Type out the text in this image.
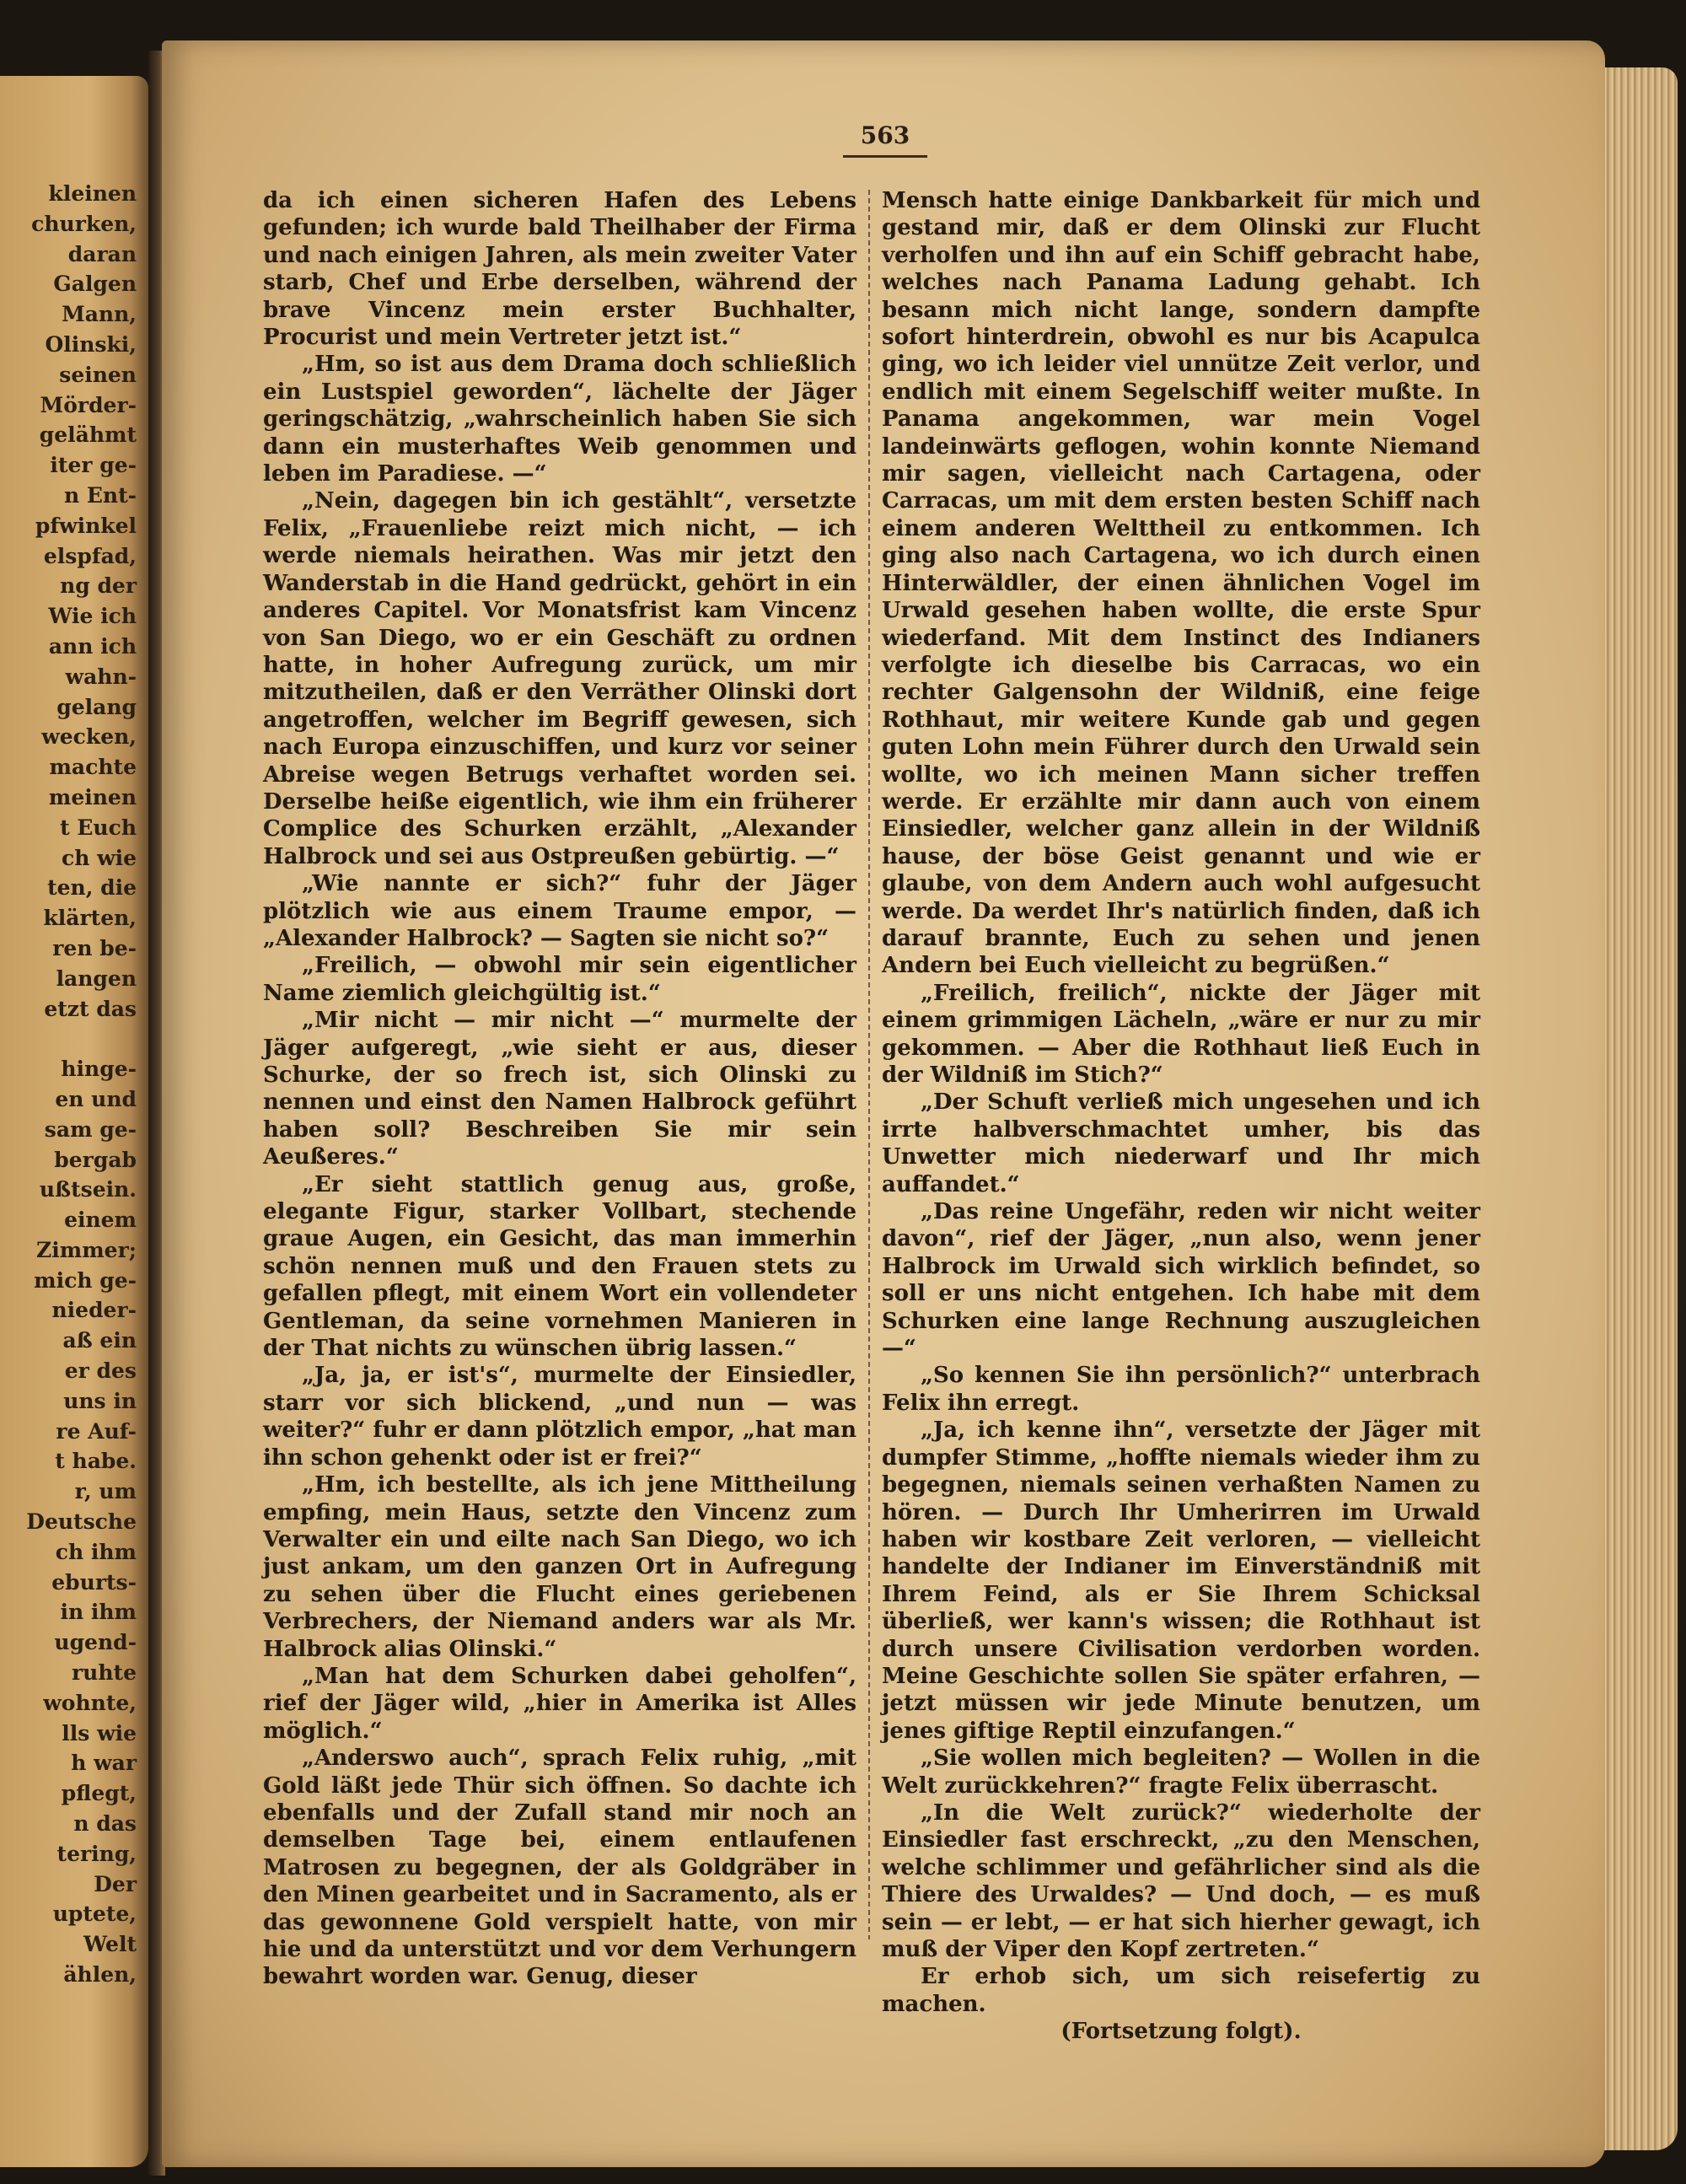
kleinen
churken,
daran
Galgen
Mann,
Olinski,
seinen
Mörder-
gelähmt
iter ge-
n Ent-
pfwinkel
elspfad,
ng der
Wie ich
ann ich
wahn-
gelang
wecken,
machte
meinen
t Euch
ch wie
ten, die
klärten,
ren be-
langen
etzt das

hinge-
en und
sam ge-
bergab
ußtsein.
einem
Zimmer;
mich ge-
nieder-
aß ein
er des
uns in
re Auf-
t habe.
r, um
Deutsche
ch ihm
eburts-
in ihm
ugend-
ruhte
wohnte,
lls wie
h war
pflegt,
n das
tering,
Der
uptete,
Welt
ählen,
563

da ich einen sicheren Hafen des Lebens gefunden; ich wurde bald Theilhaber der Firma und nach einigen Jahren, als mein zweiter Vater starb, Chef und Erbe derselben, während der brave Vincenz mein erster Buchhalter, Procurist und mein Vertreter jetzt ist.“

„Hm, so ist aus dem Drama doch schließlich ein Lustspiel geworden“, lächelte der Jäger geringschätzig, „wahrscheinlich haben Sie sich dann ein musterhaftes Weib genommen und leben im Paradiese. —“

„Nein, dagegen bin ich gestählt“, versetzte Felix, „Frauenliebe reizt mich nicht, — ich werde niemals heirathen. Was mir jetzt den Wanderstab in die Hand gedrückt, gehört in ein anderes Capitel. Vor Monatsfrist kam Vincenz von San Diego, wo er ein Geschäft zu ordnen hatte, in hoher Aufregung zurück, um mir mitzutheilen, daß er den Verräther Olinski dort angetroffen, welcher im Begriff gewesen, sich nach Europa einzuschiffen, und kurz vor seiner Abreise wegen Betrugs verhaftet worden sei. Derselbe heiße eigentlich, wie ihm ein früherer Complice des Schurken erzählt, „Alexander Halbrock und sei aus Ostpreußen gebürtig. —“

„Wie nannte er sich?“ fuhr der Jäger plötzlich wie aus einem Traume empor, — „Alexander Halbrock? — Sagten sie nicht so?“

„Freilich, — obwohl mir sein eigentlicher Name ziemlich gleichgültig ist.“

„Mir nicht — mir nicht —“ murmelte der Jäger aufgeregt, „wie sieht er aus, dieser Schurke, der so frech ist, sich Olinski zu nennen und einst den Namen Halbrock geführt haben soll? Beschreiben Sie mir sein Aeußeres.“

„Er sieht stattlich genug aus, große, elegante Figur, starker Vollbart, stechende graue Augen, ein Gesicht, das man immerhin schön nennen muß und den Frauen stets zu gefallen pflegt, mit einem Wort ein vollendeter Gentleman, da seine vornehmen Manieren in der That nichts zu wünschen übrig lassen.“

„Ja, ja, er ist's“, murmelte der Einsiedler, starr vor sich blickend, „und nun — was weiter?“ fuhr er dann plötzlich empor, „hat man ihn schon gehenkt oder ist er frei?“

„Hm, ich bestellte, als ich jene Mittheilung empfing, mein Haus, setzte den Vincenz zum Verwalter ein und eilte nach San Diego, wo ich just ankam, um den ganzen Ort in Aufregung zu sehen über die Flucht eines geriebenen Verbrechers, der Niemand anders war als Mr. Halbrock alias Olinski.“

„Man hat dem Schurken dabei geholfen“, rief der Jäger wild, „hier in Amerika ist Alles möglich.“

„Anderswo auch“, sprach Felix ruhig, „mit Gold läßt jede Thür sich öffnen. So dachte ich ebenfalls und der Zufall stand mir noch an demselben Tage bei, einem entlaufenen Matrosen zu begegnen, der als Goldgräber in den Minen gearbeitet und in Sacramento, als er das gewonnene Gold verspielt hatte, von mir hie und da unterstützt und vor dem Verhungern bewahrt worden war. Genug, dieser

Mensch hatte einige Dankbarkeit für mich und gestand mir, daß er dem Olinski zur Flucht verholfen und ihn auf ein Schiff gebracht habe, welches nach Panama Ladung gehabt. Ich besann mich nicht lange, sondern dampfte sofort hinterdrein, obwohl es nur bis Acapulca ging, wo ich leider viel unnütze Zeit verlor, und endlich mit einem Segelschiff weiter mußte. In Panama angekommen, war mein Vogel landeinwärts geflogen, wohin konnte Niemand mir sagen, vielleicht nach Cartagena, oder Carracas, um mit dem ersten besten Schiff nach einem anderen Welttheil zu entkommen. Ich ging also nach Cartagena, wo ich durch einen Hinterwäldler, der einen ähnlichen Vogel im Urwald gesehen haben wollte, die erste Spur wiederfand. Mit dem Instinct des Indianers verfolgte ich dieselbe bis Carracas, wo ein rechter Galgensohn der Wildniß, eine feige Rothhaut, mir weitere Kunde gab und gegen guten Lohn mein Führer durch den Urwald sein wollte, wo ich meinen Mann sicher treffen werde. Er erzählte mir dann auch von einem Einsiedler, welcher ganz allein in der Wildniß hause, der böse Geist genannt und wie er glaube, von dem Andern auch wohl aufgesucht werde. Da werdet Ihr's natürlich finden, daß ich darauf brannte, Euch zu sehen und jenen Andern bei Euch vielleicht zu begrüßen.“

„Freilich, freilich“, nickte der Jäger mit einem grimmigen Lächeln, „wäre er nur zu mir gekommen. — Aber die Rothhaut ließ Euch in der Wildniß im Stich?“

„Der Schuft verließ mich ungesehen und ich irrte halbverschmachtet umher, bis das Unwetter mich niederwarf und Ihr mich auffandet.“

„Das reine Ungefähr, reden wir nicht weiter davon“, rief der Jäger, „nun also, wenn jener Halbrock im Urwald sich wirklich befindet, so soll er uns nicht entgehen. Ich habe mit dem Schurken eine lange Rechnung auszugleichen —“

„So kennen Sie ihn persönlich?“ unterbrach Felix ihn erregt.

„Ja, ich kenne ihn“, versetzte der Jäger mit dumpfer Stimme, „hoffte niemals wieder ihm zu begegnen, niemals seinen verhaßten Namen zu hören. — Durch Ihr Umherirren im Urwald haben wir kostbare Zeit verloren, — vielleicht handelte der Indianer im Einverständniß mit Ihrem Feind, als er Sie Ihrem Schicksal überließ, wer kann's wissen; die Rothhaut ist durch unsere Civilisation verdorben worden. Meine Geschichte sollen Sie später erfahren, — jetzt müssen wir jede Minute benutzen, um jenes giftige Reptil einzufangen.“

„Sie wollen mich begleiten? — Wollen in die Welt zurückkehren?“ fragte Felix überrascht.

„In die Welt zurück?“ wiederholte der Einsiedler fast erschreckt, „zu den Menschen, welche schlimmer und gefährlicher sind als die Thiere des Urwaldes? — Und doch, — es muß sein — er lebt, — er hat sich hierher gewagt, ich muß der Viper den Kopf zertreten.“

Er erhob sich, um sich reisefertig zu machen.

(Fortsetzung folgt).
